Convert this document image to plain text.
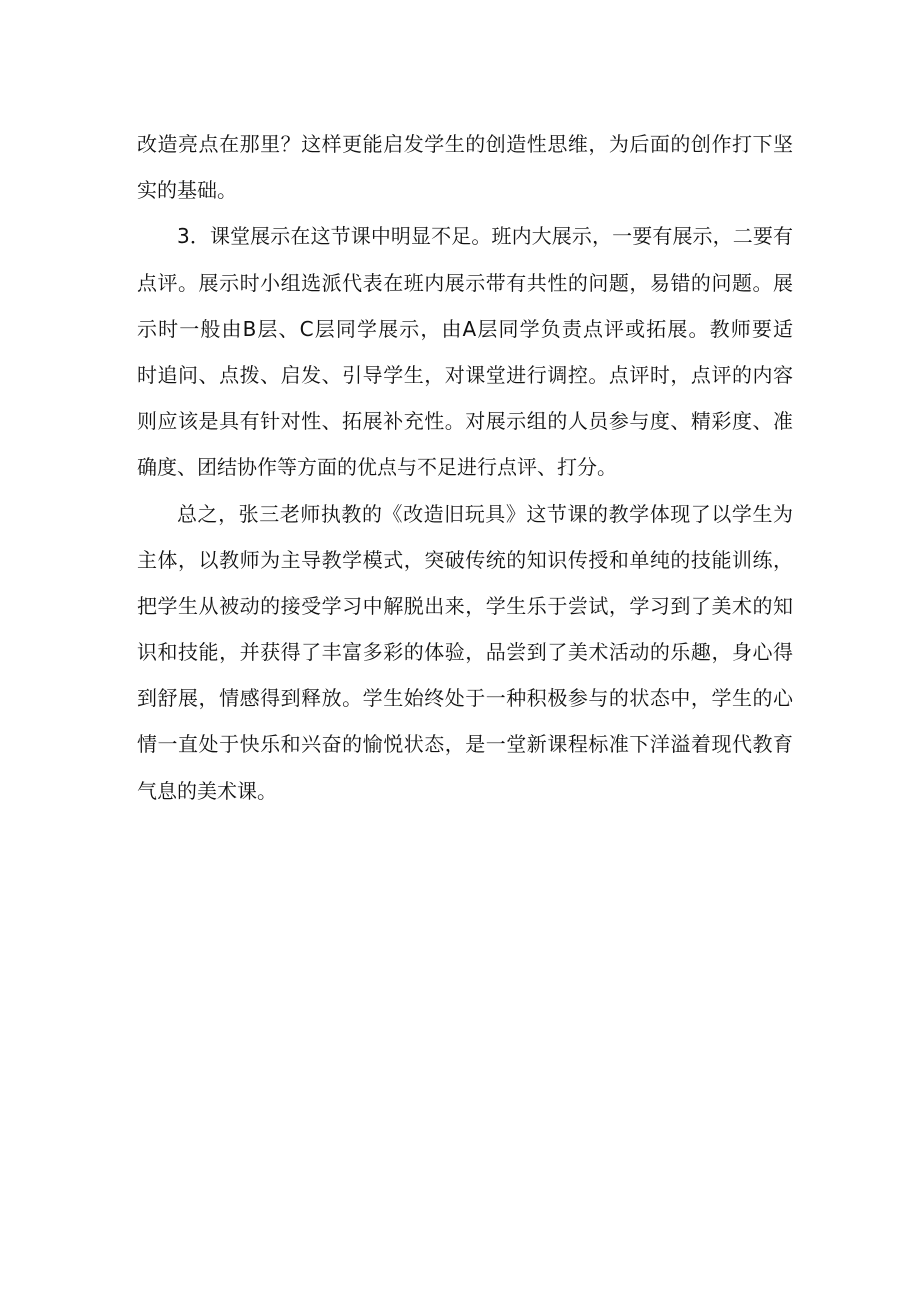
改造亮点在那里？这样更能启发学生的创造性思维，为后面的创作打下坚
实的基础。
3．课堂展示在这节课中明显不足。班内大展示，一要有展示，二要有
点评。展示时小组选派代表在班内展示带有共性的问题，易错的问题。展
示时一般由B层、C层同学展示，由A层同学负责点评或拓展。教师要适
时追问、点拨、启发、引导学生，对课堂进行调控。点评时，点评的内容
则应该是具有针对性、拓展补充性。对展示组的人员参与度、精彩度、准
确度、团结协作等方面的优点与不足进行点评、打分。
总之，张三老师执教的《改造旧玩具》这节课的教学体现了以学生为
主体，以教师为主导教学模式，突破传统的知识传授和单纯的技能训练，
把学生从被动的接受学习中解脱出来，学生乐于尝试，学习到了美术的知
识和技能，并获得了丰富多彩的体验，品尝到了美术活动的乐趣，身心得
到舒展，情感得到释放。学生始终处于一种积极参与的状态中，学生的心
情一直处于快乐和兴奋的愉悦状态，是一堂新课程标准下洋溢着现代教育
气息的美术课。
